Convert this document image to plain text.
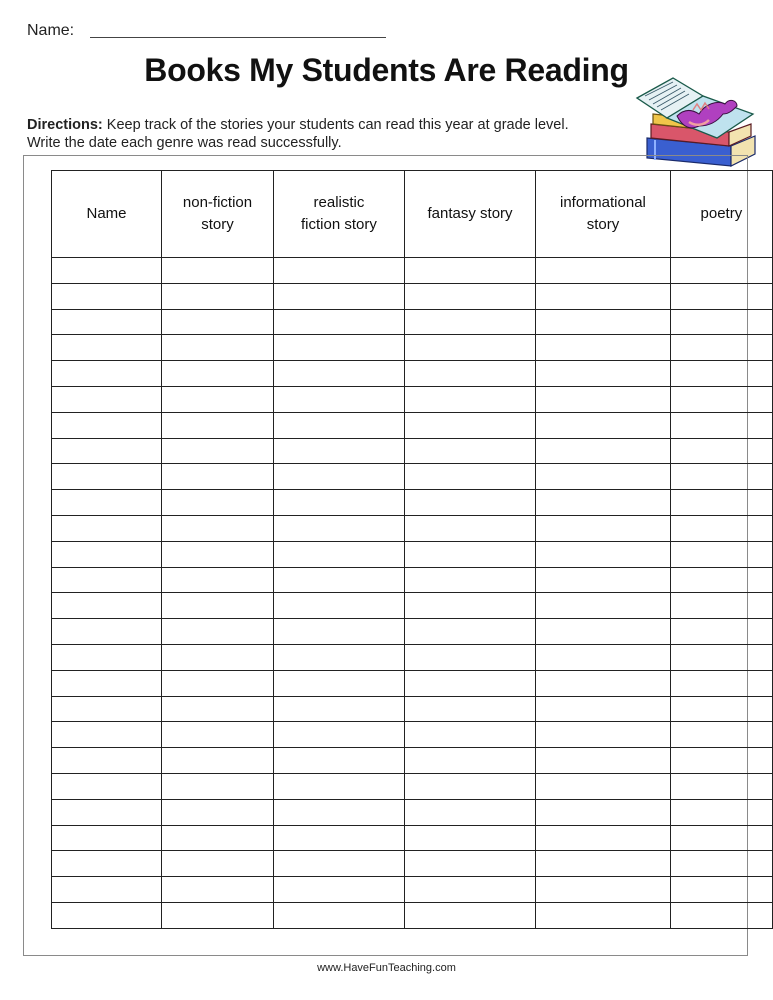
Name:
Books My Students Are Reading
Directions: Keep track of the stories your students can read this year at grade level.
Write the date each genre was read successfully.
Name	non-fiction story	realistic fiction story	fantasy story	informational story	poetry

www.HaveFunTeaching.com
